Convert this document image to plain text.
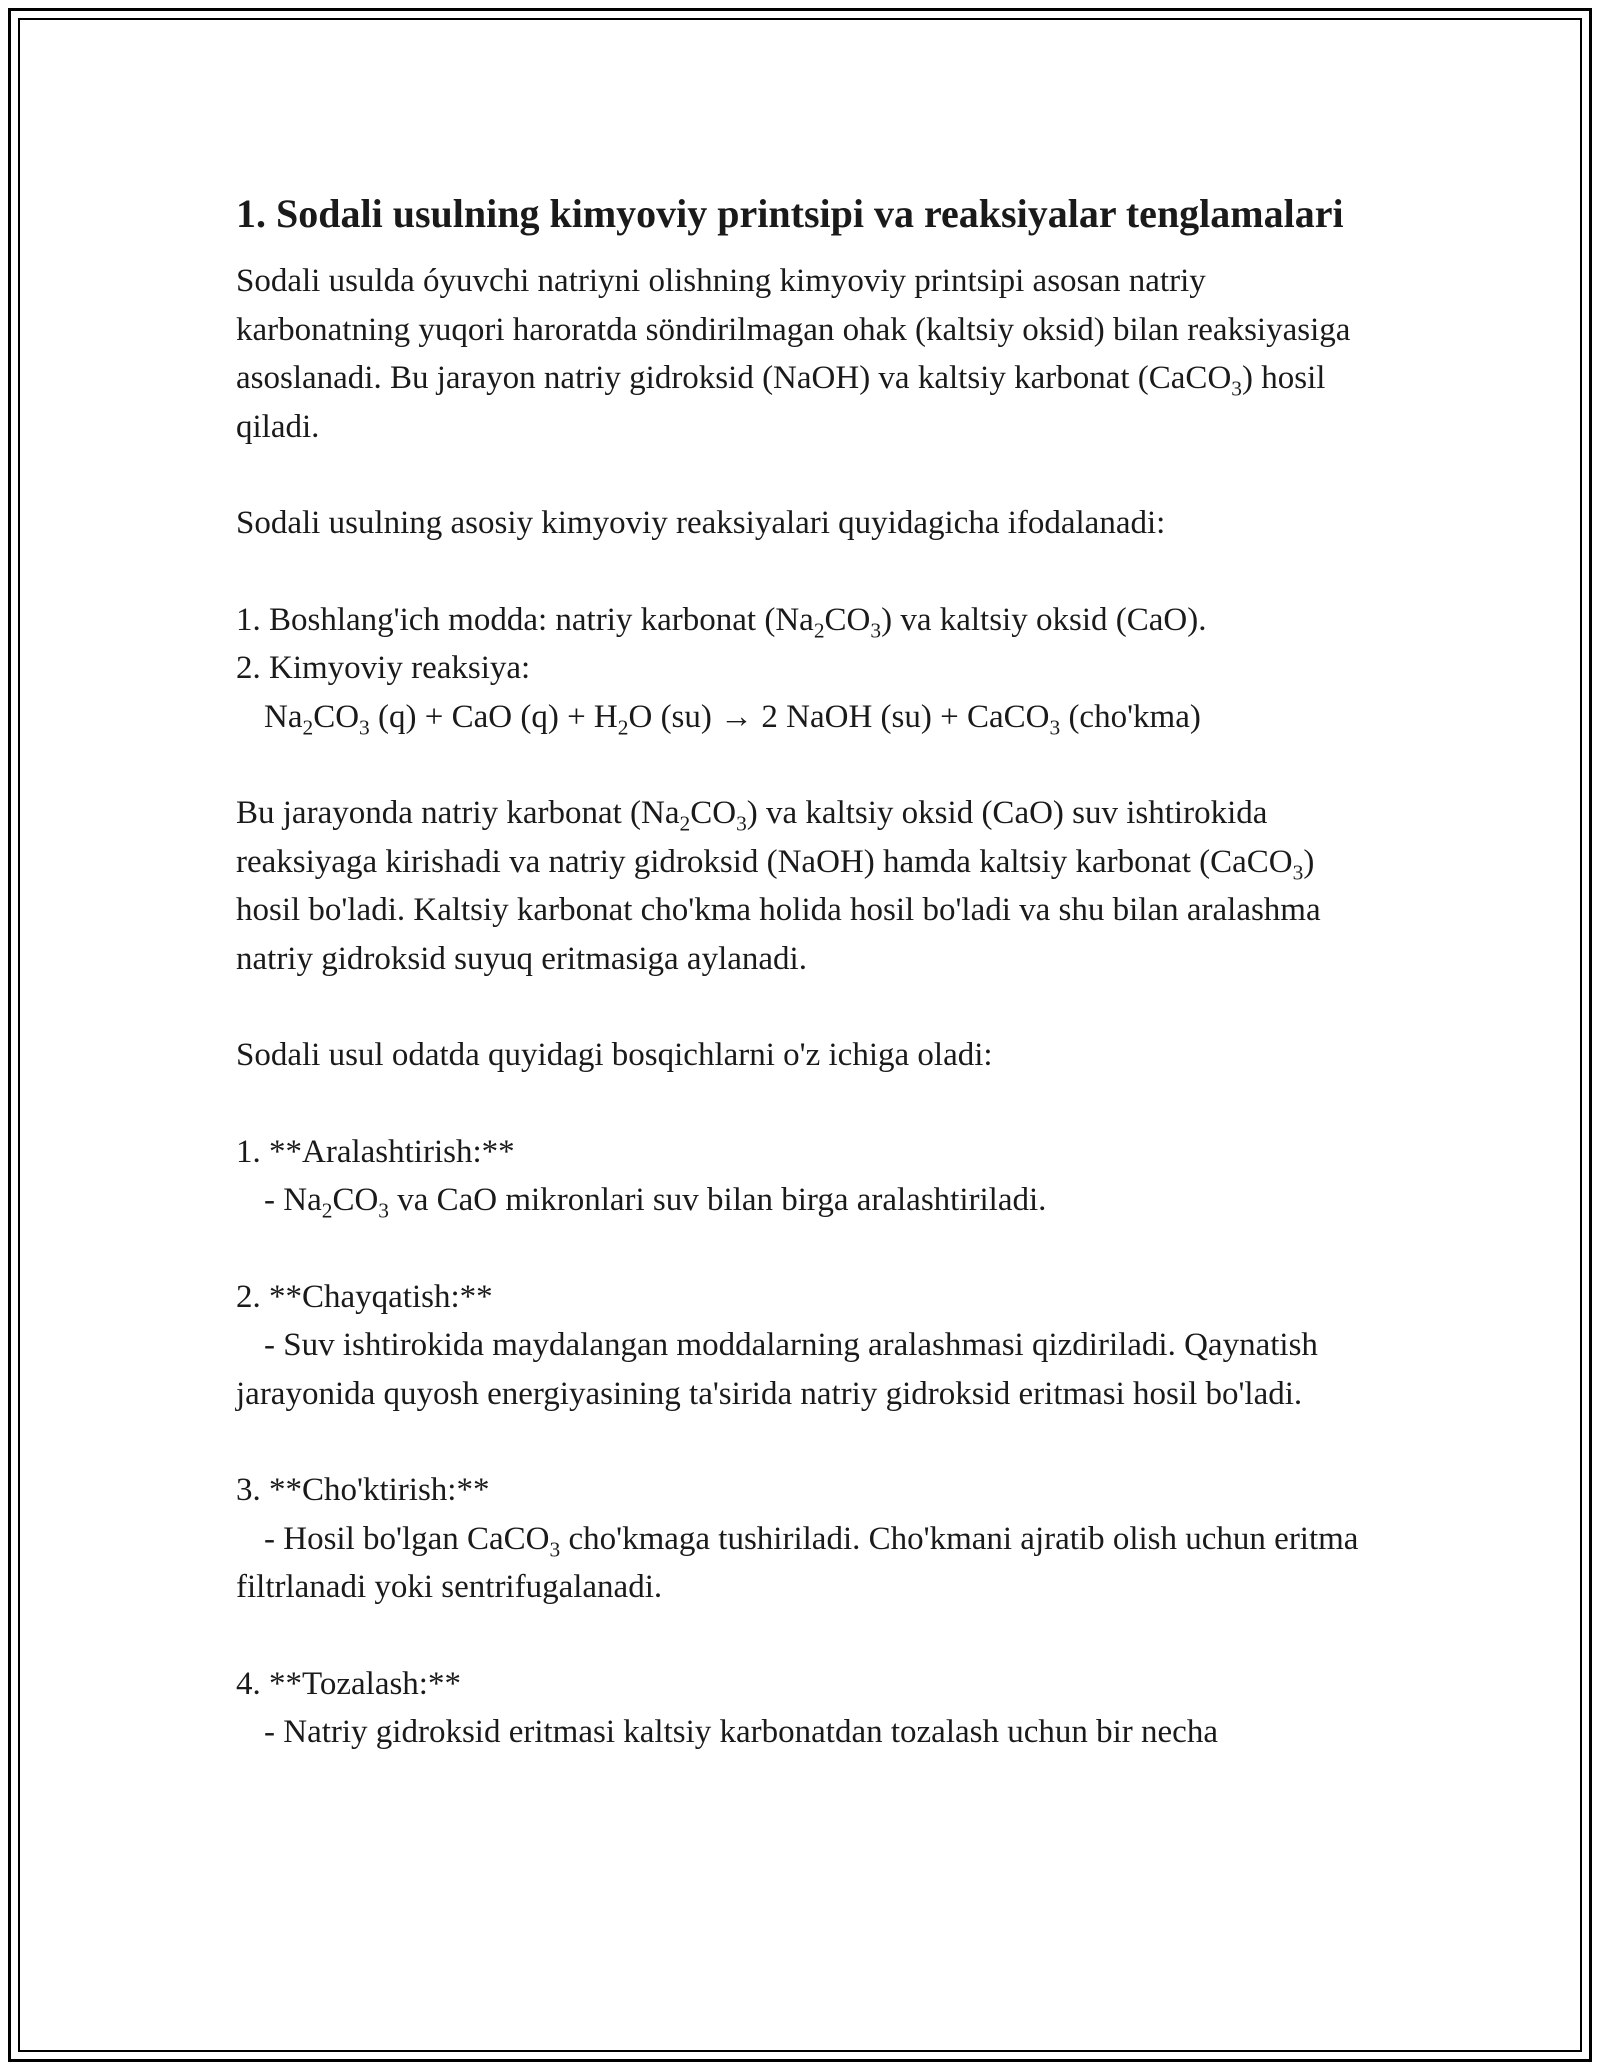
1. Sodali usulning kimyoviy printsipi va reaksiyalar tenglamalari

Sodali usulda óyuvchi natriyni olishning kimyoviy printsipi asosan natriy karbonatning yuqori haroratda söndirilmagan ohak (kaltsiy oksid) bilan reaksiyasiga asoslanadi. Bu jarayon natriy gidroksid (NaOH) va kaltsiy karbonat (CaCO$_3$) hosil qiladi.

Sodali usulning asosiy kimyoviy reaksiyalari quyidagicha ifodalanadi:

1. Boshlang'ich modda: natriy karbonat $(Na_2CO_3)$ va kaltsiy oksid (CaO).

2. Kimyoviy reaksiya:

$Na_2CO_3$ (q) + CaO $(q) + H_2O$ (su) → 2 NaOH (su) + CaCO$_3$ (cho'kma)

Bu jarayonda natriy karbonat $(Na_2CO_3)$ va kaltsiy oksid (CaO) suv ishtirokida reaksiyaga kirishadi va natriy gidroksid (NaOH) hamda kaltsiy karbonat (CaCO$_3$) hosil bo'ladi. Kaltsiy karbonat cho'kma holida hosil bo'ladi va shu bilan aralashma natriy gidroksid suyuq eritmasiga aylanadi.

Sodali usul odatda quyidagi bosqichlarni o'z ichiga oladi:

1. **Aralashtirish:**

- $Na_2CO_3$ va CaO mikronlari suv bilan birga aralashtiriladi.

2. **Chayqatish:**

- Suv ishtirokida maydalangan moddalarning aralashmasi qizdiriladi. Qaynatish jarayonida quyosh energiyasining ta'sirida natriy gidroksid eritmasi hosil bo'ladi.

3. **Cho'ktirish:**

- Hosil bo'lgan CaCO$_3$ cho'kmaga tushiriladi. Cho'kmani ajratib olish uchun eritma filtrlanadi yoki sentrifugalanadi.

4. **Tozalash:**

- Natriy gidroksid eritmasi kaltsiy karbonatdan tozalash uchun bir necha
